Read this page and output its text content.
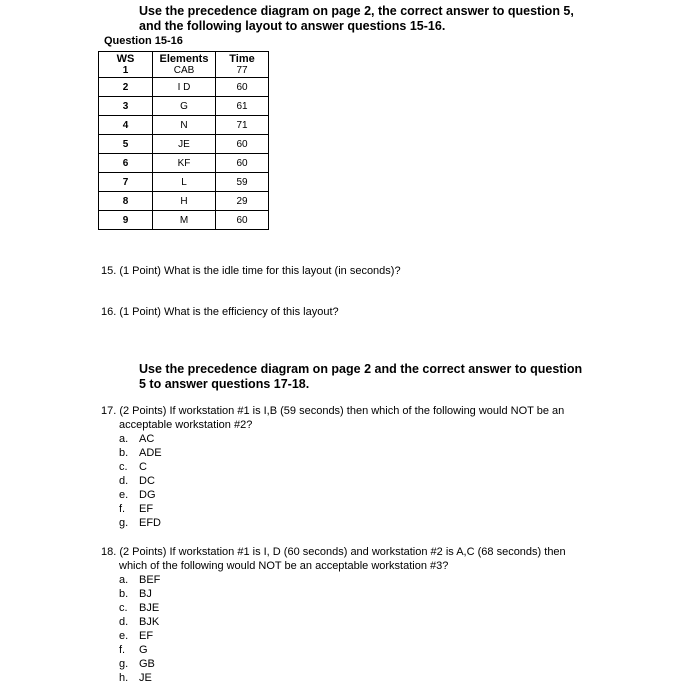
Use the precedence diagram on page 2, the correct answer to question 5,
and the following layout to answer questions 15-16.
Question 15-16
WS	Elements	Time
1	CAB	77
2	I D	60
3	G	61
4	N	71
5	JE	60
6	KF	60
7	L	59
8	H	29
9	M	60
15. (1 Point) What is the idle time for this layout (in seconds)?
16. (1 Point) What is the efficiency of this layout?
Use the precedence diagram on page 2 and the correct answer to question
5 to answer questions 17-18.
17. (2 Points) If workstation #1 is I,B (59 seconds) then which of the following would NOT be an
acceptable workstation #2?
a. AC
b. ADE
c.	C
d. DC
e. DG
f.	EF
g. EFD
18. (2 Points) If workstation #1 is I, D (60 seconds) and workstation #2 is A,C (68 seconds) then
which of the following would NOT be an acceptable workstation #3?
a. BEF
b. BJ
c.	BJE
d. BJK
e. EF
f.	G
g. GB
h. JE
